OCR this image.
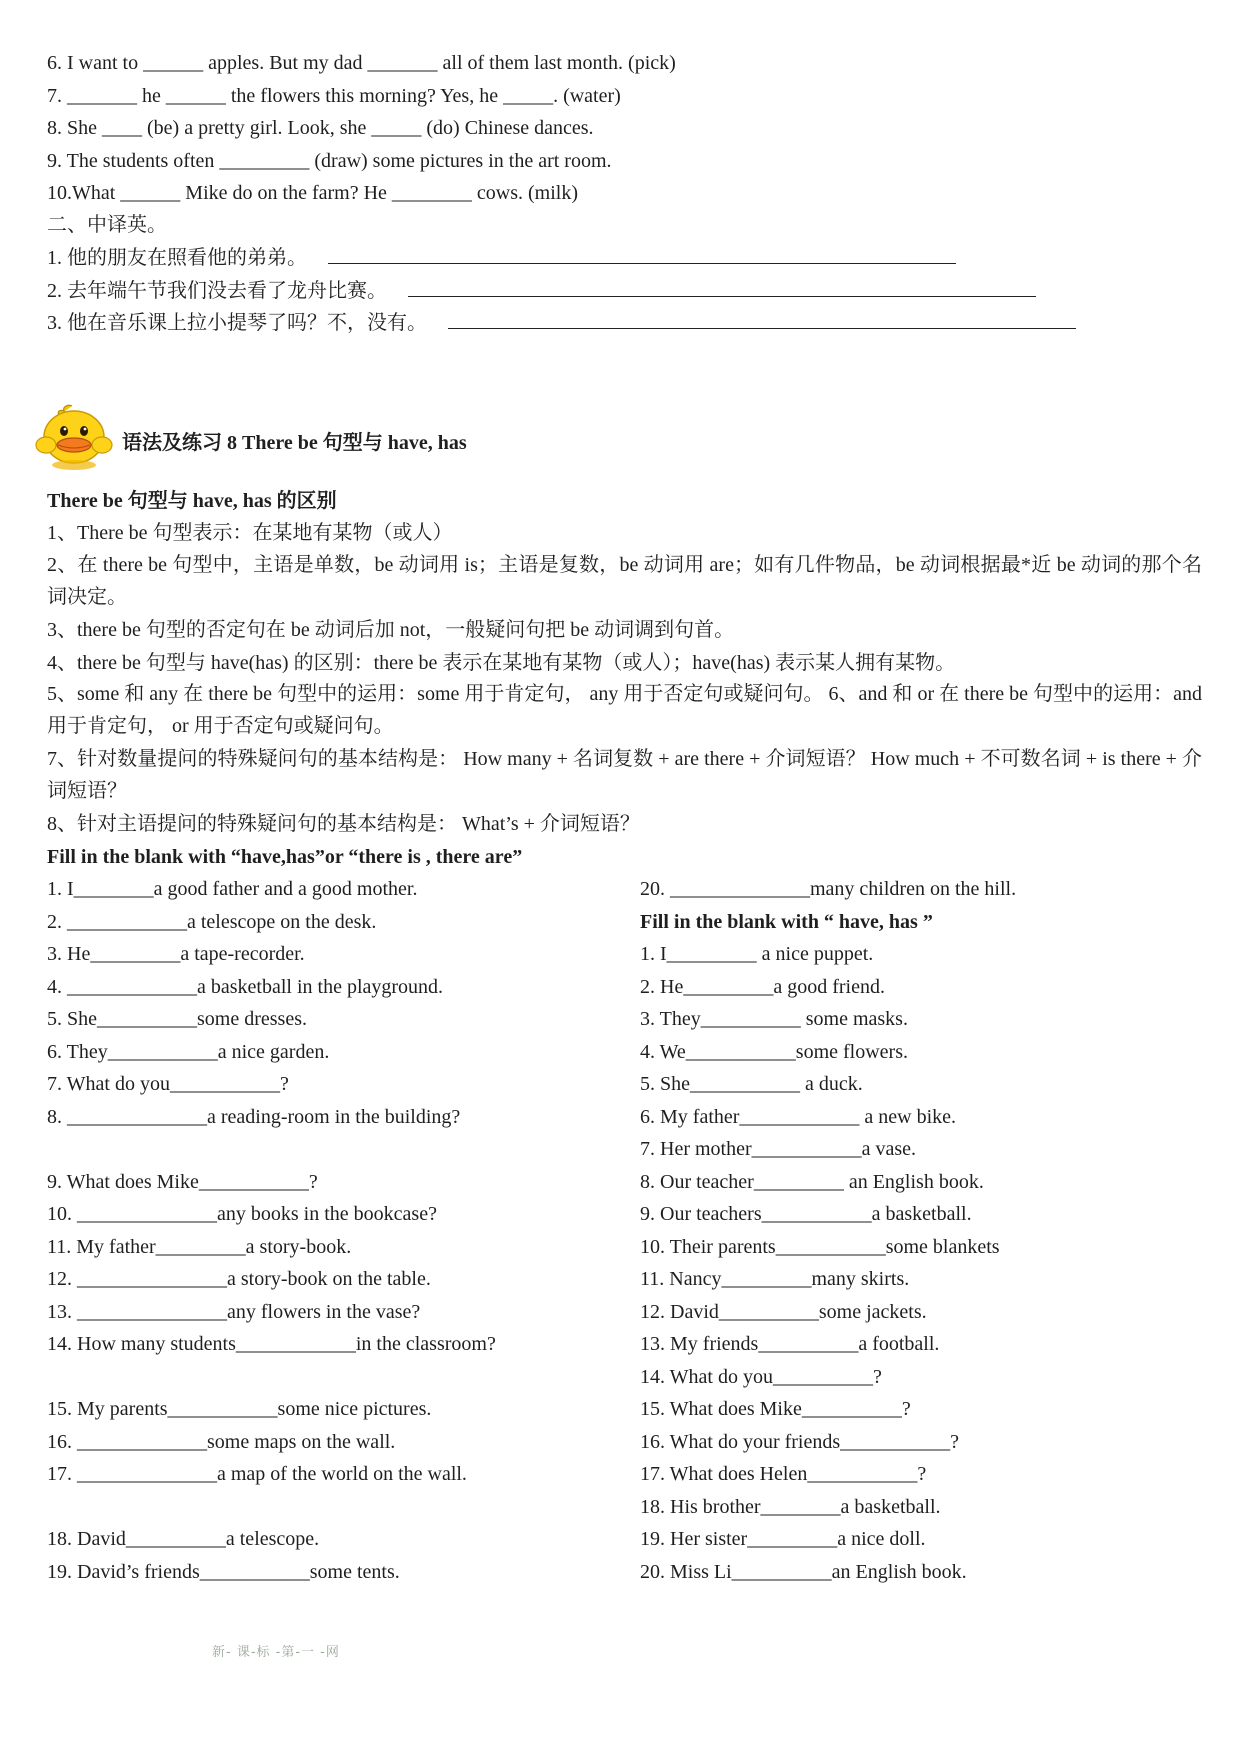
6. I want to ______ apples. But my dad _______ all of them last month. (pick)
7. _______ he ______ the flowers this morning? Yes, he _____. (water)
8. She ____ (be) a pretty girl. Look, she _____ (do) Chinese dances.
9. The students often _________ (draw) some pictures in the art room.
10.What ______ Mike do on the farm? He ________ cows. (milk)
二、中译英。
1. 他的朋友在照看他的弟弟。
2. 去年端午节我们没去看了龙舟比赛。
3. 他在音乐课上拉小提琴了吗？不，没有。
语法及练习 8 There be 句型与 have, has
There be 句型与 have, has 的区别
1、There be 句型表示：在某地有某物（或人）
2、在 there be 句型中，主语是单数，be 动词用 is；主语是复数，be 动词用 are；如有几件物品，be 动词根据最*近 be 动词的那个名词决定。
3、there be 句型的否定句在 be 动词后加 not，一般疑问句把 be 动词调到句首。
4、there be 句型与 have(has) 的区别：there be 表示在某地有某物（或人）；have(has) 表示某人拥有某物。
5、some 和 any 在 there be 句型中的运用：some 用于肯定句， any 用于否定句或疑问句。 6、and 和 or 在 there be 句型中的运用：and 用于肯定句， or 用于否定句或疑问句。
7、针对数量提问的特殊疑问句的基本结构是： How many + 名词复数 + are there + 介词短语？ How much + 不可数名词 + is there + 介词短语？
8、针对主语提问的特殊疑问句的基本结构是： What’s + 介词短语？
Fill in the blank with “have,has”or “there is , there are”
1. I________a good father and a good mother.
2. ____________a telescope on the desk.
3. He_________a tape-recorder.
4. _____________a basketball in the playground.
5. She__________some dresses.
6. They___________a nice garden.
7. What do you___________?
8. ______________a reading-room in the building?
9. What does Mike___________?
10. ______________any books in the bookcase?
11. My father_________a story-book.
12. _______________a story-book on the table.
13. _______________any flowers in the vase?
14. How many students____________in the classroom?
15. My parents___________some nice pictures.
16. _____________some maps on the wall.
17. ______________a map of the world on the wall.
18. David__________a telescope.
19. David’s friends___________some tents.
20. ______________many children on the hill.
Fill in the blank with “ have, has ”
1. I_________ a nice puppet.
2. He_________a good friend.
3. They__________ some masks.
4. We___________some flowers.
5. She___________ a duck.
6. My father____________ a new bike.
7. Her mother___________a vase.
8. Our teacher_________ an English book.
9. Our teachers___________a basketball.
10. Their parents___________some blankets
11. Nancy_________many skirts.
12. David__________some jackets.
13. My friends__________a football.
14. What do you__________?
15. What does Mike__________?
16. What do your friends___________?
17. What does Helen___________?
18. His brother________a basketball.
19. Her sister_________a nice doll.
20. Miss Li__________an English book.
新- 课-标 -第-一 -网
